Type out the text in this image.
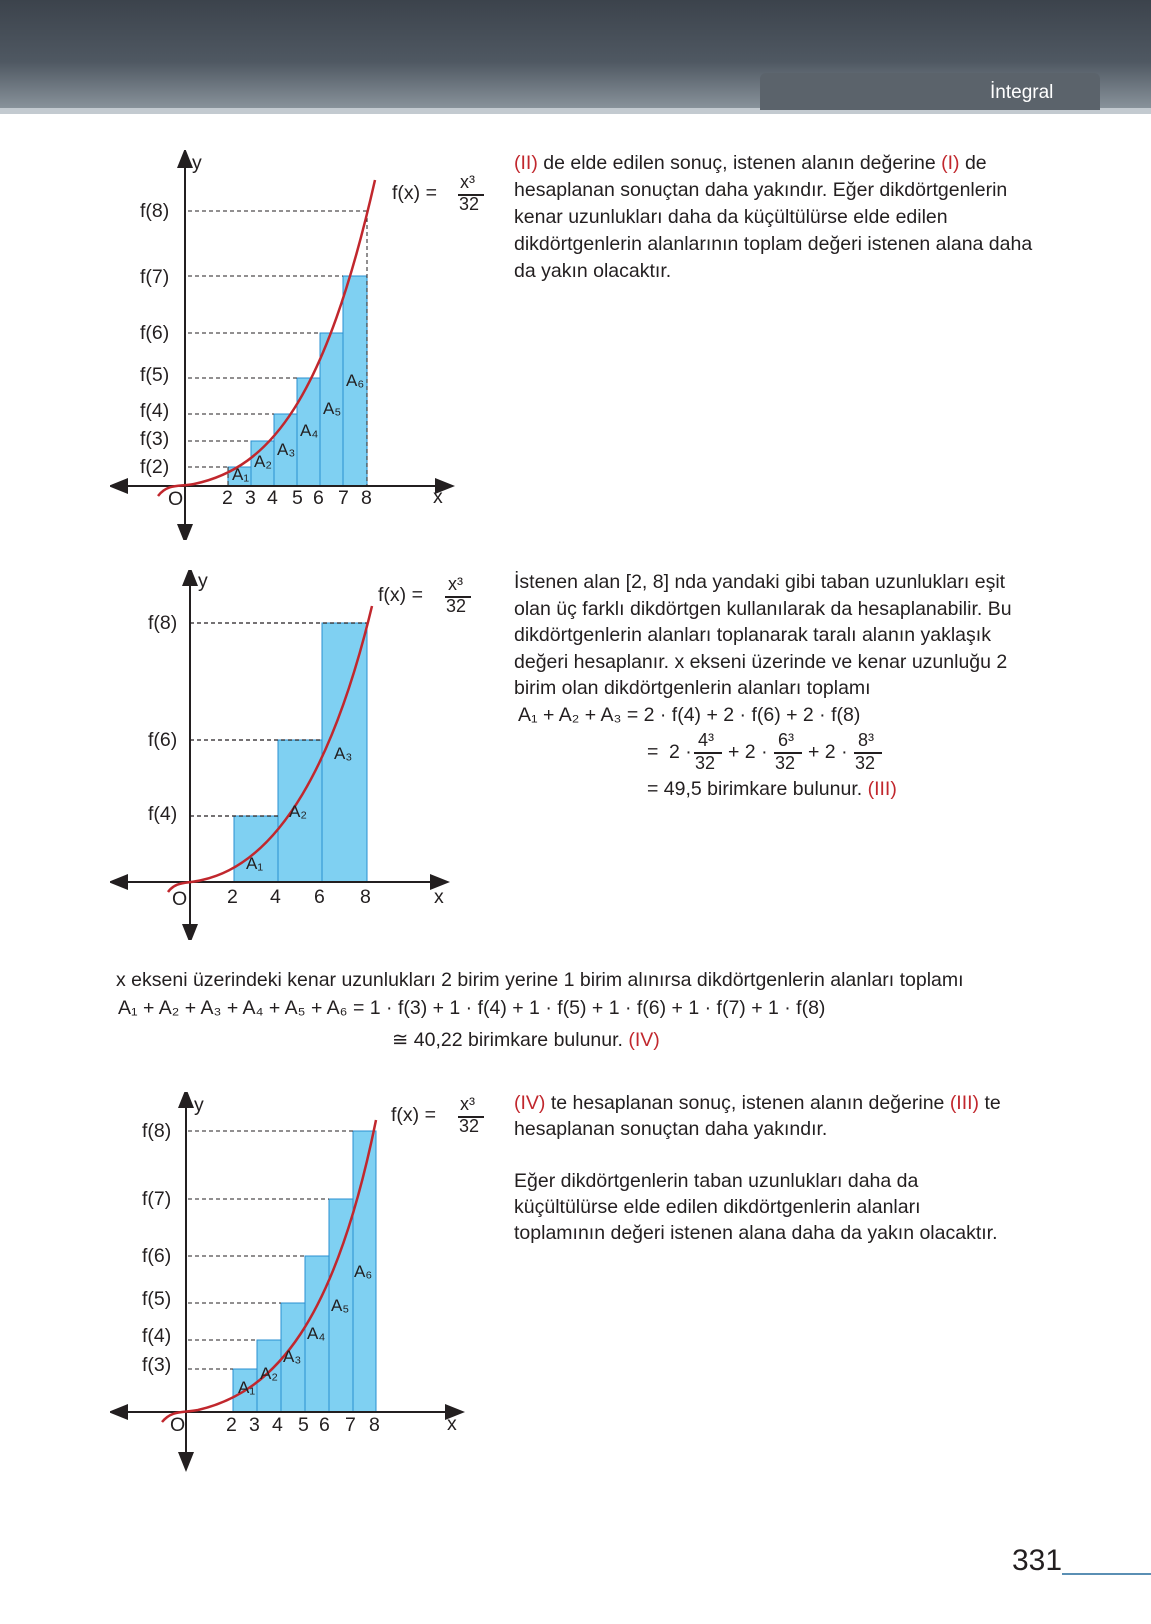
İntegral
y
x
O
f(x) = x³
32
f(8)
f(7)
f(6)
f(5)
f(4)
f(3)
f(2)
2 3 4 5 6 7 8
A₁
A₂
A₃
A₄
A₅
A₆

(II) de elde edilen sonuç, istenen alanın değerine (I) de hesaplanan sonuçtan daha yakındır. Eğer dikdörtgenlerin kenar uzunlukları daha da küçültülürse elde edilen dikdörtgenlerin alanlarının toplam değeri istenen alana daha da yakın olacaktır.

y
x
O
f(x) = x³
32
f(8)
f(6)
f(4)
2 4 6 8
A₁
A₂
A₃

İstenen alan [2, 8] nda yandaki gibi taban uzunlukları eşit olan üç farklı dikdörtgen kullanılarak da hesaplanabilir. Bu dikdörtgenlerin alanları toplanarak taralı alanın yaklaşık değeri hesaplanır. x ekseni üzerinde ve kenar uzunluğu 2 birim olan dikdörtgenlerin alanları toplamı

A₁ + A₂ + A₃ = 2 · f(4) + 2 · f(6) + 2 · f(8)
= 2 ·
4³
32 + 2 ·
6³
32 + 2 ·
8³
32
= 49,5 birimkare bulunur. (III)
x ekseni üzerindeki kenar uzunlukları 2 birim yerine 1 birim alınırsa dikdörtgenlerin alanları toplamı
A₁ + A₂ + A₃ + A₄ + A₅ + A₆ = 1 · f(3) + 1 · f(4) + 1 · f(5) + 1 · f(6) + 1 · f(7) + 1 · f(8)
≅ 40,22 birimkare bulunur. (IV)
y
x
O
f(x) = x³
32
f(8)
f(7)
f(6)
f(5)
f(4)
f(3)
2 3 4 5 6 7 8
A₁
A₂
A₃
A₄
A₅
A₆

(IV) te hesaplanan sonuç, istenen alanın değerine (III) te hesaplanan sonuçtan daha yakındır.

Eğer dikdörtgenlerin taban uzunlukları daha da küçültülürse elde edilen dikdörtgenlerin alanları toplamının değeri istenen alana daha da yakın olacaktır.

331
